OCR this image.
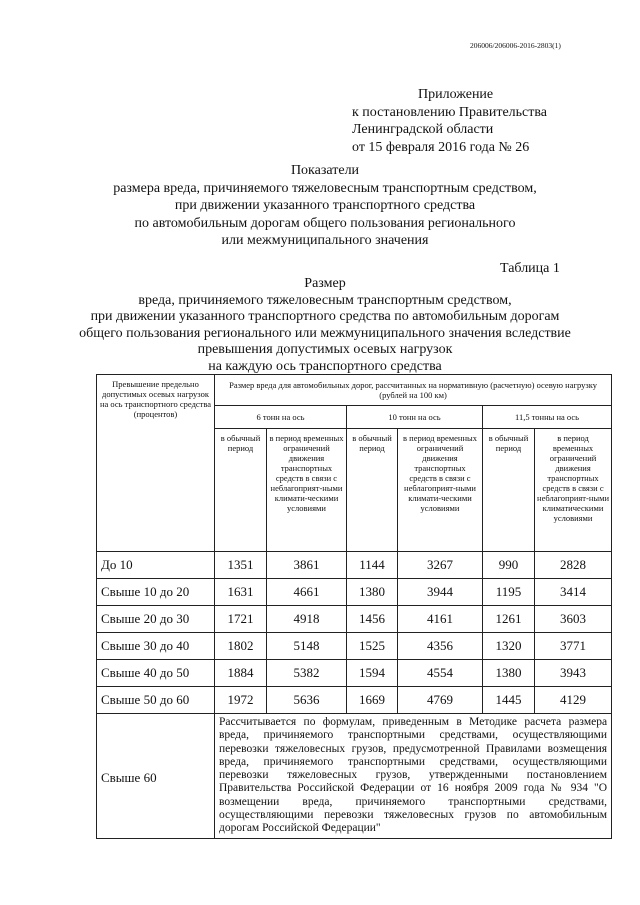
206006/206006-2016-2803(1)
Приложение
к постановлению Правительства
Ленинградской области
от 15 февраля 2016 года № 26
Показатели
размера вреда, причиняемого тяжеловесным транспортным средством,
при движении указанного транспортного средства
по автомобильным дорогам общего пользования регионального
или межмуниципального значения
Таблица 1
Размер
вреда, причиняемого тяжеловесным транспортным средством,
при движении указанного транспортного средства по автомобильным дорогам
общего пользования регионального или межмуниципального значения вследствие
превышения допустимых осевых нагрузок
на каждую ось транспортного средства
Превышение предельно допустимых осевых нагрузок на ось транспортного средства (процентов)	Размер вреда для автомобильных дорог, рассчитанных на нормативную (расчетную) осевую нагрузку (рублей на 100 км)					
	6 тонн на ось		10 тонн на ось		11,5 тонны на ось	
	в обычный период	в период временных ограничений движения транспортных средств в связи с неблагоприят-ными климати-ческими условиями	в обычный период	в период временных ограничений движения транспортных средств в связи с неблагоприят-ными климати-ческими условиями	в обычный период	в период временных ограничений движения транспортных средств в связи с неблагоприят-ными климатическими условиями
До 10	1351	3861	1144	3267	990	2828
Свыше 10 до 20	1631	4661	1380	3944	1195	3414
Свыше 20 до 30	1721	4918	1456	4161	1261	3603
Свыше 30 до 40	1802	5148	1525	4356	1320	3771
Свыше 40 до 50	1884	5382	1594	4554	1380	3943
Свыше 50 до 60	1972	5636	1669	4769	1445	4129
Свыше 60	Рассчитывается по формулам, приведенным в Методике расчета размера вреда, причиняемого транспортными средствами, осуществляющими перевозки тяжеловесных грузов, предусмотренной Правилами возмещения вреда, причиняемого транспортными средствами, осуществляющими перевозки тяжеловесных грузов, утвержденными постановлением Правительства Российской Федерации от 16 ноября 2009 года № 934 "О возмещении вреда, причиняемого транспортными средствами, осуществляющими перевозки тяжеловесных грузов по автомобильным дорогам Российской Федерации"					
